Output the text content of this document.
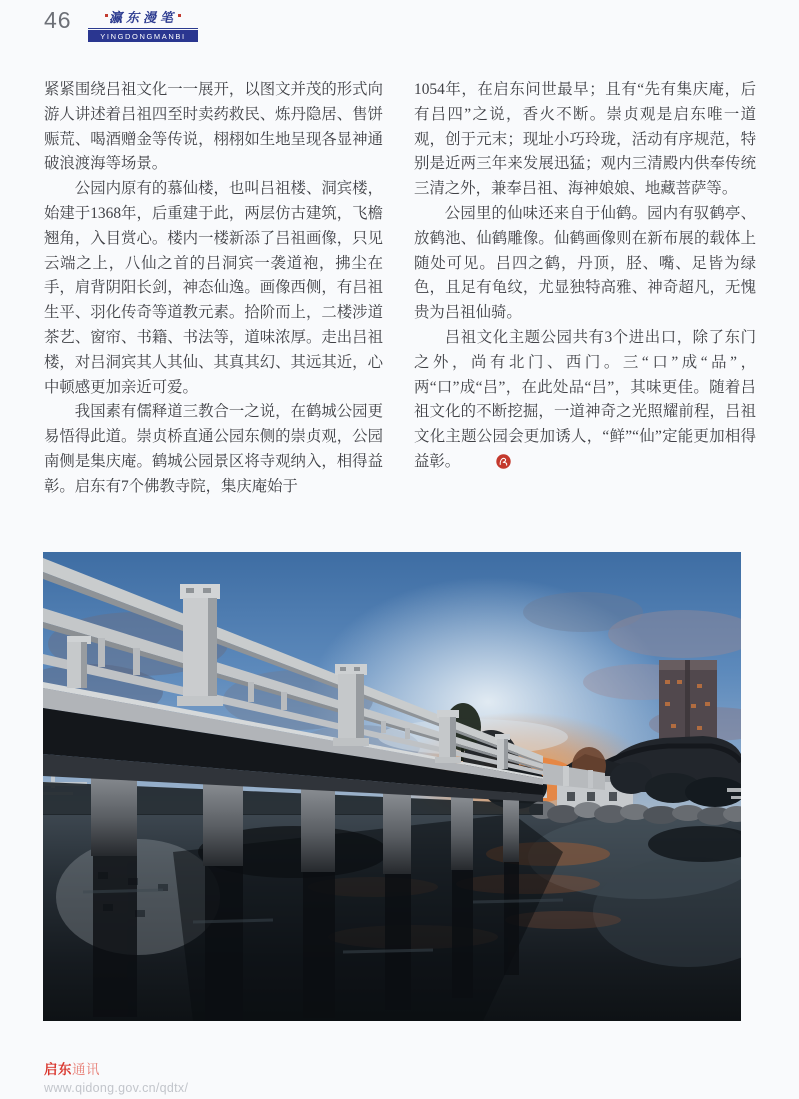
46	瀛东漫笔
YINGDONGMANBI

紧紧围绕吕祖文化一一展开，以图文并茂的形式向游人讲述着吕祖四至时卖药救民、炼丹隐居、售饼赈荒、喝酒赠金等传说，栩栩如生地呈现各显神通破浪渡海等场景。

公园内原有的慕仙楼，也叫吕祖楼、洞宾楼，始建于1368年，后重建于此，两层仿古建筑，飞檐翘角，入目赏心。楼内一楼新添了吕祖画像，只见云端之上，八仙之首的吕洞宾一袭道袍，拂尘在手，肩背阴阳长剑，神态仙逸。画像西侧，有吕祖生平、羽化传奇等道教元素。拾阶而上，二楼涉道茶艺、窗帘、书籍、书法等，道味浓厚。走出吕祖楼，对吕洞宾其人其仙、其真其幻、其远其近，心中顿感更加亲近可爱。

我国素有儒释道三教合一之说，在鹤城公园更易悟得此道。崇贞桥直通公园东侧的崇贞观，公园南侧是集庆庵。鹤城公园景区将寺观纳入，相得益彰。启东有7个佛教寺院，集庆庵始于

1054年，在启东问世最早；且有“先有集庆庵，后有吕四”之说，香火不断。崇贞观是启东唯一道观，创于元末；现址小巧玲珑，活动有序规范，特别是近两三年来发展迅猛；观内三清殿内供奉传统三清之外，兼奉吕祖、海神娘娘、地藏菩萨等。

公园里的仙味还来自于仙鹤。园内有驭鹤亭、放鹤池、仙鹤雕像。仙鹤画像则在新布展的载体上随处可见。吕四之鹤，丹顶，胫、嘴、足皆为绿色，且足有龟纹，尤显独特高雅、神奇超凡，无愧贵为吕祖仙骑。

吕祖文化主题公园共有3个进出口，除了东门之外，尚有北门、西门。三“口”成“品”，两“口”成“吕”，在此处品“吕”，其味更佳。随着吕祖文化的不断挖掘，一道神奇之光照耀前程，吕祖文化主题公园会更加诱人，“鲜”“仙”定能更加相得益彰。

启东通讯
www.qidong.gov.cn/qdtx/
